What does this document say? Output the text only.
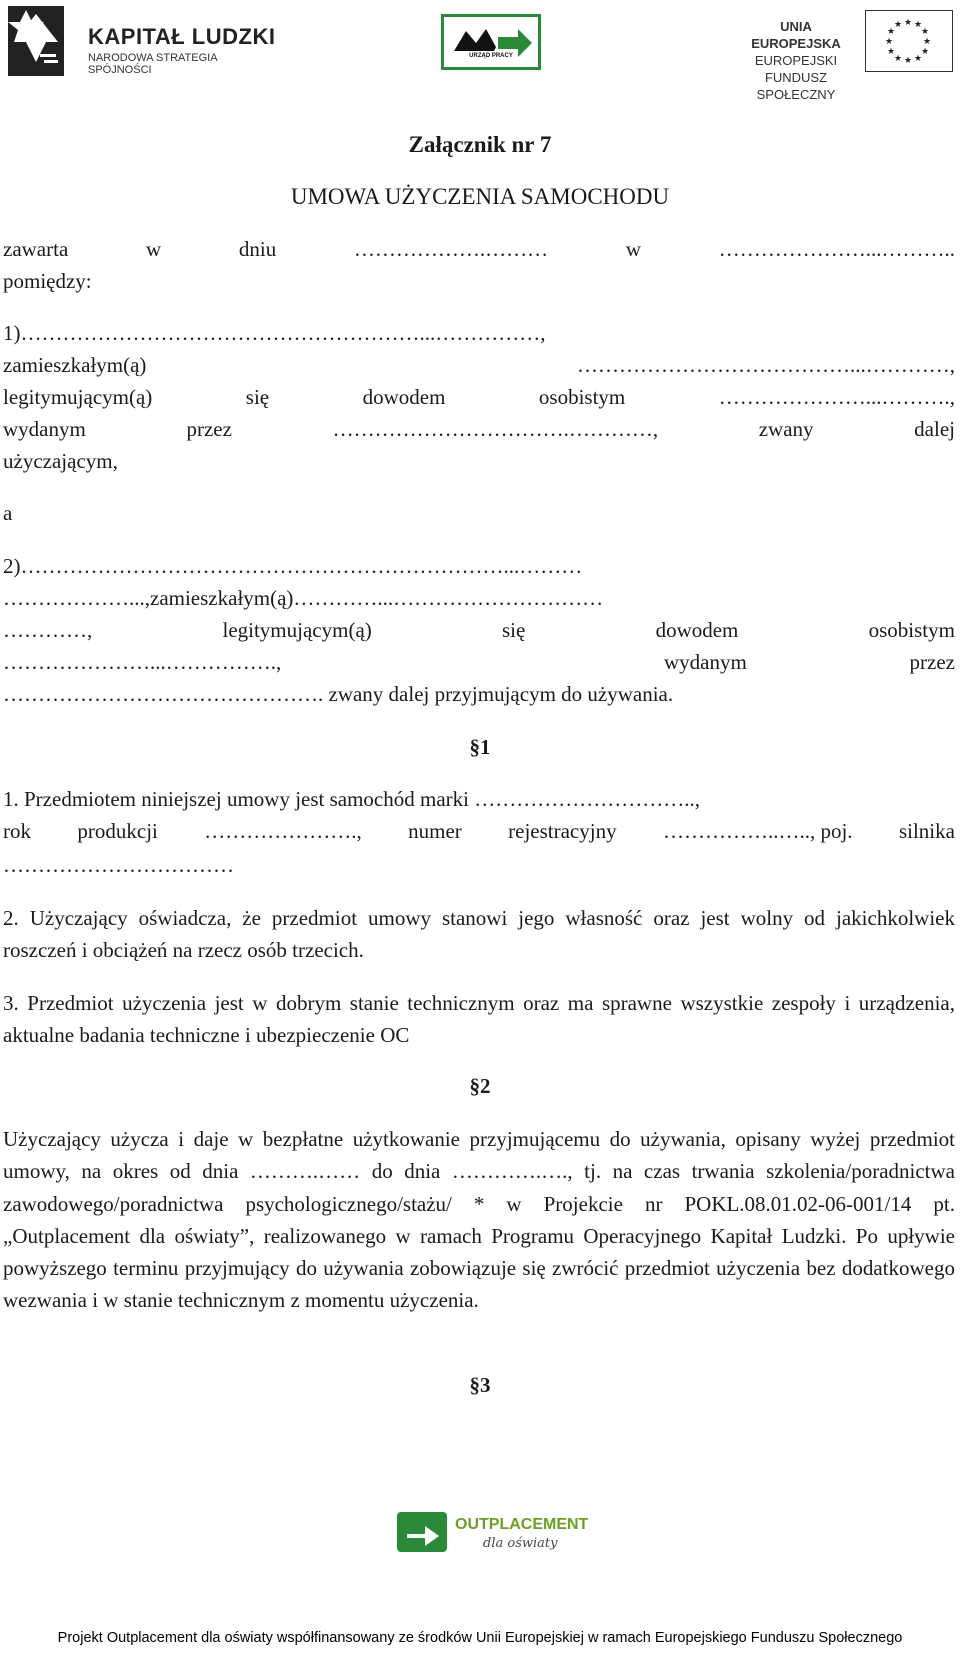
KAPITAŁ LUDZKI
NARODOWA STRATEGIA SPÓJNOŚCI
URZĄD PRACY
UNIA EUROPEJSKA
EUROPEJSKI
FUNDUSZ SPOŁECZNY
★ ★
★
★
★
★
★
★
★
★
★
★
Załącznik nr 7
UMOWA UŻYCZENIA SAMOCHODU
zawarta	w	dniu	……………….………	w	…………………...………..
pomiędzy:
1)…………………………………………………...……………,
zamieszkałym(ą)	…………………………………...…………,
legitymującym(ą)	się	dowodem	osobistym	…………………...……….,
wydanym	przez	…………………………….…………,	zwany	dalej
użyczającym,
a
2)……………………………………………………………...………
………………...,zamieszkałym(ą)…………...…………………………
…………,	legitymującym(ą)	się	dowodem	osobistym
…………………...…………….,	wydanym	przez
………………………………………. zwany dalej przyjmującym do używania.
§1
1. Przedmiotem niniejszej umowy jest samochód marki …………………………..,
rok produkcji …………………., numer rejestracyjny ……………..….., poj. silnika
……………………………
2. Użyczający oświadcza, że przedmiot umowy stanowi jego własność oraz jest wolny od jakichkolwiek roszczeń i obciążeń na rzecz osób trzecich.
3. Przedmiot użyczenia jest w dobrym stanie technicznym oraz ma sprawne wszystkie zespoły i urządzenia, aktualne badania techniczne i ubezpieczenie OC
§2
Użyczający użycza i daje w bezpłatne użytkowanie przyjmującemu do używania, opisany wyżej przedmiot umowy, na okres od dnia ……….…… do dnia ………….…., tj. na czas trwania szkolenia/poradnictwa zawodowego/poradnictwa psychologicznego/stażu/ * w Projekcie nr POKL.08.01.02-06-001/14 pt. „Outplacement dla oświaty”, realizowanego w ramach Programu Operacyjnego Kapitał Ludzki. Po upływie powyższego terminu przyjmujący do używania zobowiązuje się zwrócić przedmiot użyczenia bez dodatkowego wezwania i w stanie technicznym z momentu użyczenia.
§3
OUTPLACEMENT
dla oświaty
Projekt Outplacement dla oświaty współfinansowany ze środków Unii Europejskiej w ramach Europejskiego Funduszu Społecznego
